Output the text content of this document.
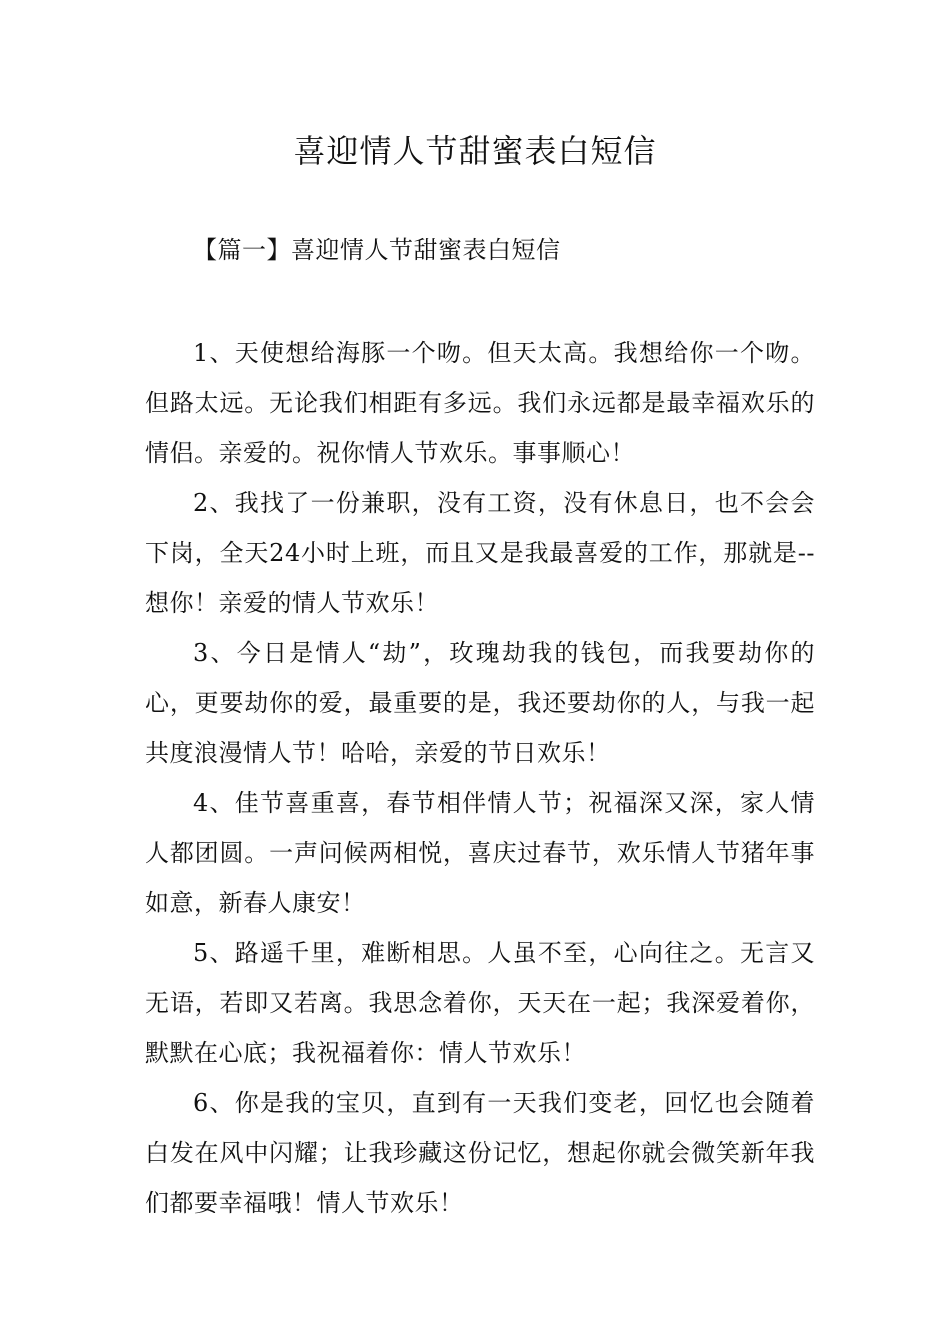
喜迎情人节甜蜜表白短信
【篇一】喜迎情人节甜蜜表白短信

1、天使想给海豚一个吻。但天太高。我想给你一个吻。但路太远。无论我们相距有多远。我们永远都是最幸福欢乐的情侣。亲爱的。祝你情人节欢乐。事事顺心！

2、我找了一份兼职，没有工资，没有休息日，也不会会下岗，全天24小时上班，而且又是我最喜爱的工作，那就是--想你！亲爱的情人节欢乐！

3、今日是情人“劫”，玫瑰劫我的钱包，而我要劫你的心，更要劫你的爱，最重要的是，我还要劫你的人，与我一起共度浪漫情人节！哈哈，亲爱的节日欢乐！

4、佳节喜重喜，春节相伴情人节；祝福深又深，家人情人都团圆。一声问候两相悦，喜庆过春节，欢乐情人节猪年事如意，新春人康安！

5、路遥千里，难断相思。人虽不至，心向往之。无言又无语，若即又若离。我思念着你，天天在一起；我深爱着你，默默在心底；我祝福着你：情人节欢乐！

6、你是我的宝贝，直到有一天我们变老，回忆也会随着白发在风中闪耀；让我珍藏这份记忆，想起你就会微笑新年我们都要幸福哦！情人节欢乐！
